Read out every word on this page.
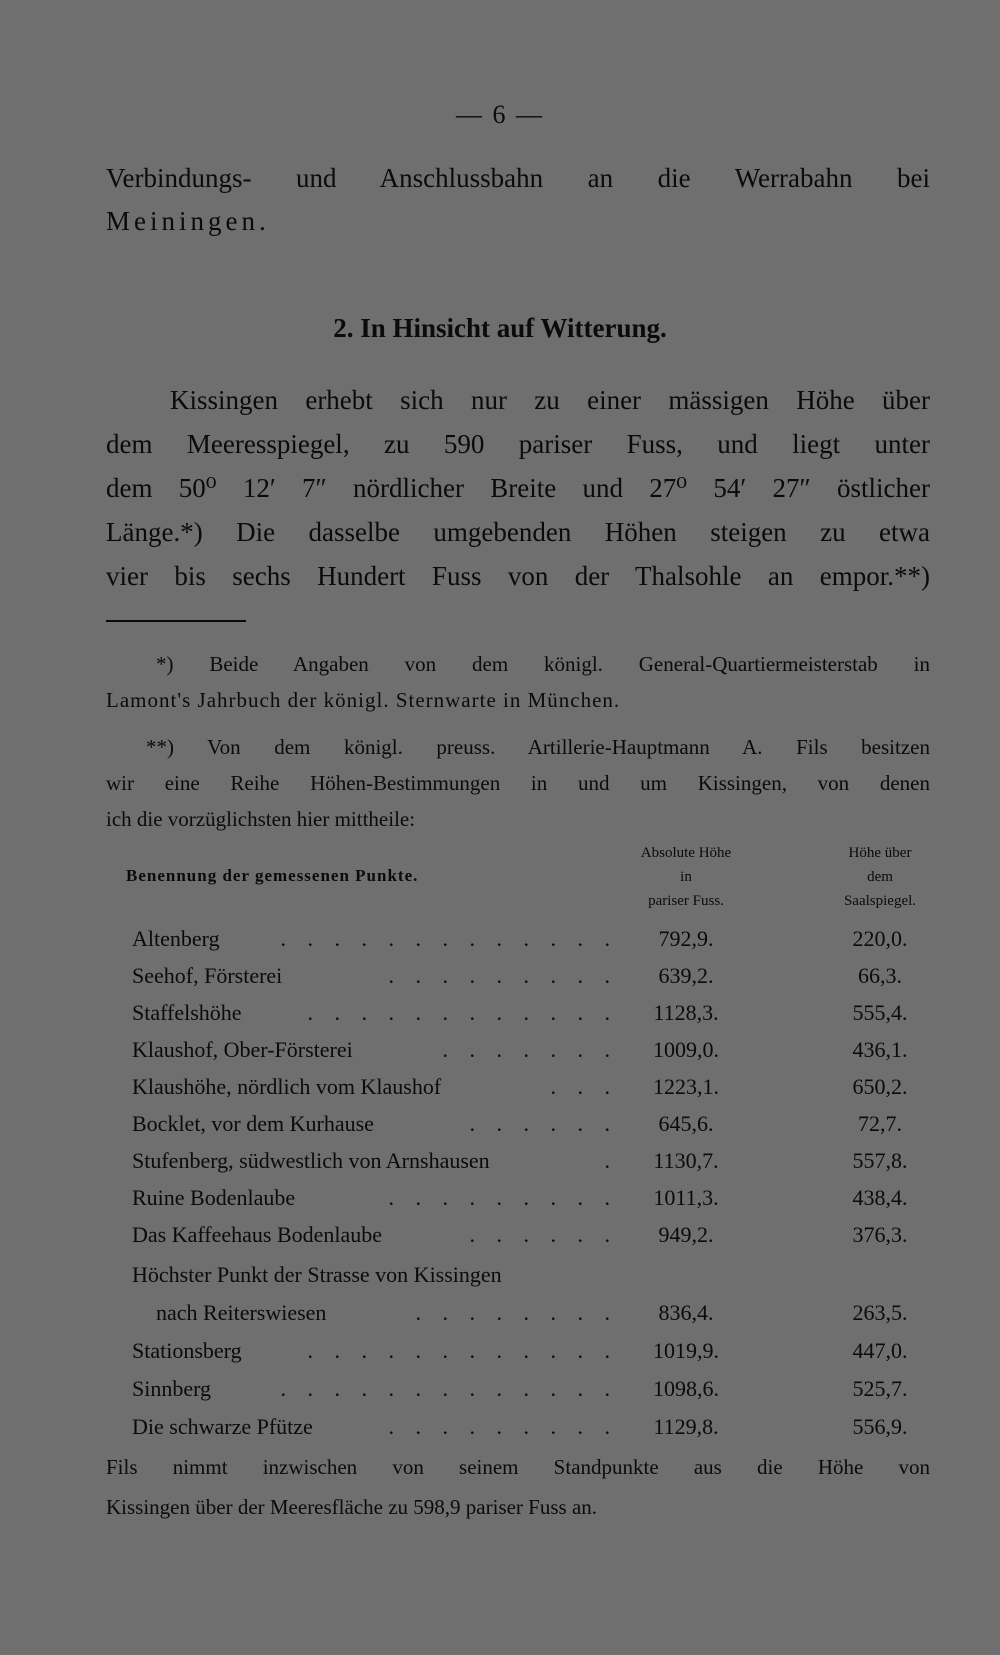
— 6 —
Verbindungs- und Anschlussbahn an die Werrabahn bei
Meiningen.
2. In Hinsicht auf Witterung.
Kissingen erhebt sich nur zu einer mässigen Höhe über
dem Meeresspiegel, zu 590 pariser Fuss, und liegt unter
dem 50⁰ 12′ 7″ nördlicher Breite und 27⁰ 54′ 27″ östlicher
Länge.*) Die dasselbe umgebenden Höhen steigen zu etwa
vier bis sechs Hundert Fuss von der Thalsohle an empor.**)
*) Beide Angaben von dem königl. General-Quartiermeisterstab in
Lamont's Jahrbuch der königl. Sternwarte in München.
**) Von dem königl. preuss. Artillerie-Hauptmann A. Fils besitzen
wir eine Reihe Höhen-Bestimmungen in und um Kissingen, von denen
ich die vorzüglichsten hier mittheile:
Benennung der gemessenen Punkte.
Absolute Höhe
in
pariser Fuss.
Höhe über
dem
Saalspiegel.
Altenberg	. . . . . . . . . . . . .	792,9.	220,0.
Seehof, Försterei	. . . . . . . . .	639,2.	66,3.
Staffelshöhe	. . . . . . . . . . . .	1128,3.	555,4.
Klaushof, Ober-Försterei	. . . . . . .	1009,0.	436,1.
Klaushöhe, nördlich vom Klaushof	. . .	1223,1.	650,2.
Bocklet, vor dem Kurhause	. . . . . .	645,6.	72,7.
Stufenberg, südwestlich von Arnshausen	.	1130,7.	557,8.
Ruine Bodenlaube	. . . . . . . . .	1011,3.	438,4.
Das Kaffeehaus Bodenlaube	. . . . . .	949,2.	376,3.
Höchster Punkt der Strasse von Kissingen
nach Reiterswiesen	. . . . . . . .	836,4.	263,5.
Stationsberg	. . . . . . . . . . . .	1019,9.	447,0.
Sinnberg	. . . . . . . . . . . . .	1098,6.	525,7.
Die schwarze Pfütze	. . . . . . . . .	1129,8.	556,9.
Fils nimmt inzwischen von seinem Standpunkte aus die Höhe von
Kissingen über der Meeresfläche zu 598,9 pariser Fuss an.
